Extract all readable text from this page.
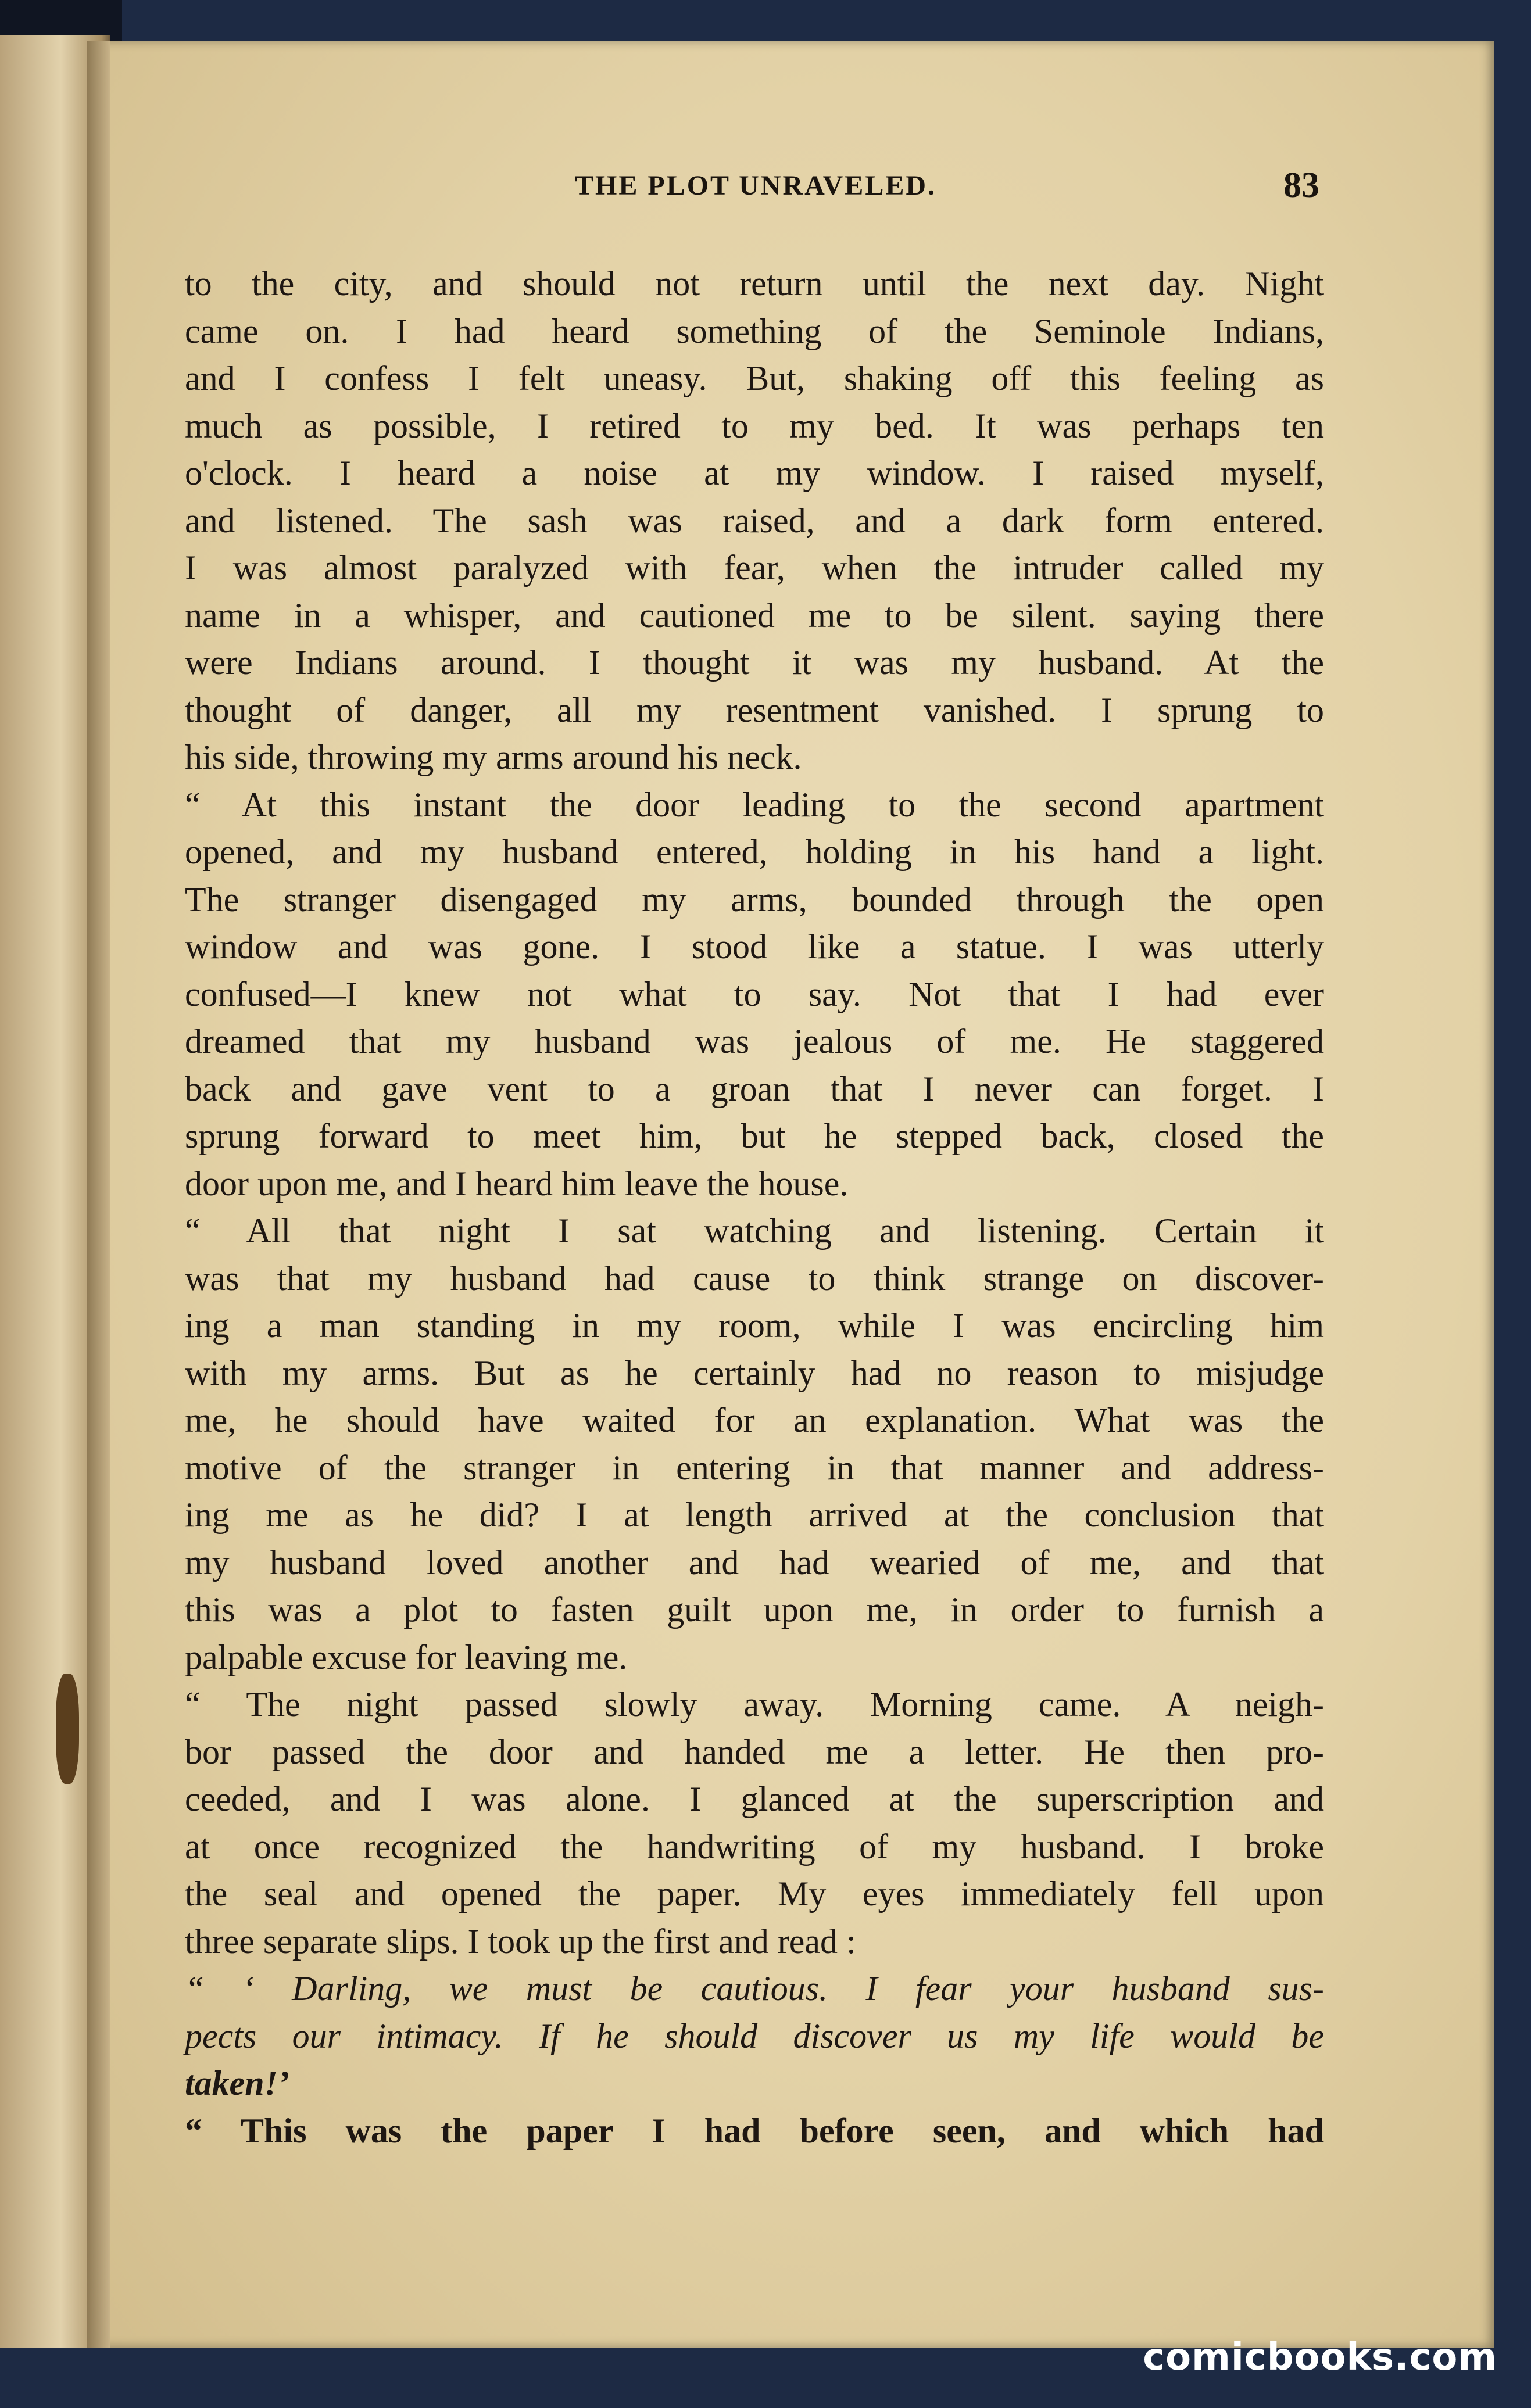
THE PLOT UNRAVELED.	83
to the city, and should not return until the next day. Night
came on. I had heard something of the Seminole Indians,
and I confess I felt uneasy. But, shaking off this feeling as
much as possible, I retired to my bed. It was perhaps ten
o'clock. I heard a noise at my window. I raised myself,
and listened. The sash was raised, and a dark form entered.
I was almost paralyzed with fear, when the intruder called my
name in a whisper, and cautioned me to be silent. saying there
were Indians around. I thought it was my husband. At the
thought of danger, all my resentment vanished. I sprung to
his side, throwing my arms around his neck.
“ At this instant the door leading to the second apartment
opened, and my husband entered, holding in his hand a light.
The stranger disengaged my arms, bounded through the open
window and was gone. I stood like a statue. I was utterly
confused—I knew not what to say. Not that I had ever
dreamed that my husband was jealous of me. He staggered
back and gave vent to a groan that I never can forget. I
sprung forward to meet him, but he stepped back, closed the
door upon me, and I heard him leave the house.
“ All that night I sat watching and listening. Certain it
was that my husband had cause to think strange on discover-
ing a man standing in my room, while I was encircling him
with my arms. But as he certainly had no reason to misjudge
me, he should have waited for an explanation. What was the
motive of the stranger in entering in that manner and address-
ing me as he did? I at length arrived at the conclusion that
my husband loved another and had wearied of me, and that
this was a plot to fasten guilt upon me, in order to furnish a
palpable excuse for leaving me.
“ The night passed slowly away. Morning came. A neigh-
bor passed the door and handed me a letter. He then pro-
ceeded, and I was alone. I glanced at the superscription and
at once recognized the handwriting of my husband. I broke
the seal and opened the paper. My eyes immediately fell upon
three separate slips. I took up the first and read :
“ ‘ Darling, we must be cautious. I fear your husband sus-
pects our intimacy. If he should discover us my life would be
taken!’
“ This was the paper I had before seen, and which had
comicbooks.com
